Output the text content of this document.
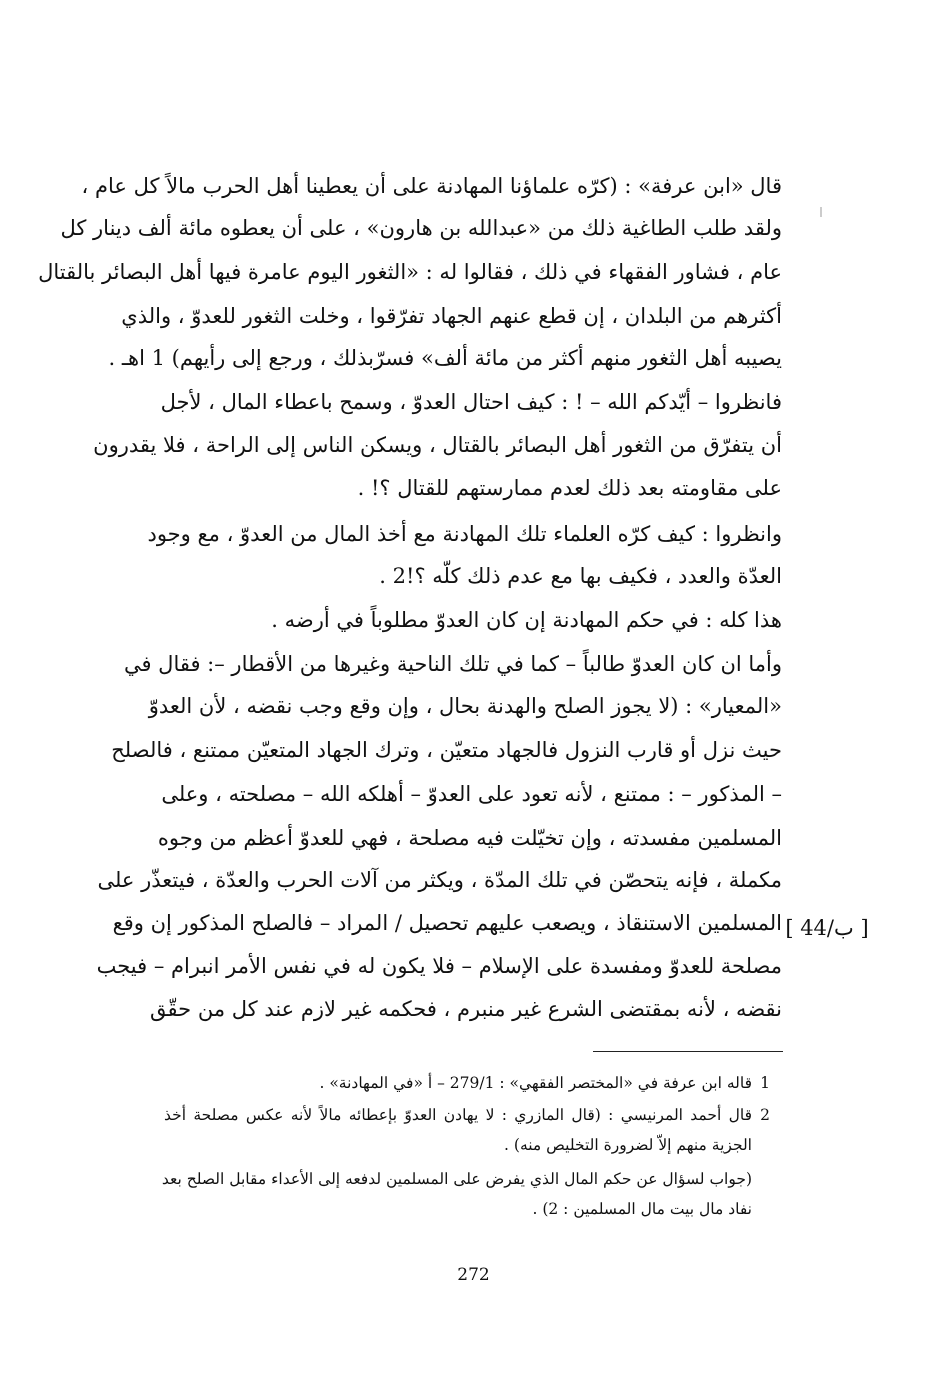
قال «ابن عرفة» : (كرّه علماؤنا المهادنة على أن يعطينا أهل الحرب مالاً كل عام ،
ولقد طلب الطاغية ذلك من «عبدالله بن هارون» ، على أن يعطوه مائة ألف دينار كل
عام ، فشاور الفقهاء في ذلك ، فقالوا له : «الثغور اليوم عامرة فيها أهل البصائر بالقتال
أكثرهم من البلدان ، إن قطع عنهم الجهاد تفرّقوا ، وخلت الثغور للعدوّ ، والذي
يصيبه أهل الثغور منهم أكثر من مائة ألف» فسرّبذلك ، ورجع إلى رأيهم) 1 اهـ .
فانظروا – أيّدكم الله – ! : كيف احتال العدوّ ، وسمح باعطاء المال ، لأجل
أن يتفرّق من الثغور أهل البصائر بالقتال ، ويسكن الناس إلى الراحة ، فلا يقدرون
على مقاومته بعد ذلك لعدم ممارستهم للقتال ؟! .
وانظروا : كيف كرّه العلماء تلك المهادنة مع أخذ المال من العدوّ ، مع وجود
العدّة والعدد ، فكيف بها مع عدم ذلك كلّه ؟!2 .
هذا كله : في حكم المهادنة إن كان العدوّ مطلوباً في أرضه .
وأما ان كان العدوّ طالباً – كما في تلك الناحية وغيرها من الأقطار –: فقال في
«المعيار» : (لا يجوز الصلح والهدنة بحال ، وإن وقع وجب نقضه ، لأن العدوّ
حيث نزل أو قارب النزول فالجهاد متعيّن ، وترك الجهاد المتعيّن ممتنع ، فالصلح
– المذكور – : ممتنع ، لأنه تعود على العدوّ – أهلكه الله – مصلحته ، وعلى
المسلمين مفسدته ، وإن تخيّلت فيه مصلحة ، فهي للعدوّ أعظم من وجوه
مكملة ، فإنه يتحصّن في تلك المدّة ، ويكثر من آلات الحرب والعدّة ، فيتعذّر على
المسلمين الاستنقاذ ، ويصعب عليهم تحصيل / المراد – فالصلح المذكور إن وقع
مصلحة للعدوّ ومفسدة على الإسلام – فلا يكون له في نفس الأمر انبرام – فيجب
نقضه ، لأنه بمقتضى الشرع غير منبرم ، فحكمه غير لازم عند كل من حقّق
[ 44/ب ]
1
قاله ابن عرفة في «المختصر الفقهي» : 279/1 – أ «في المهادنة» .
2
قال أحمد المرنيسي : (قال المازري : لا يهادن العدوّ بإعطائه مالاً لأنه عكس مصلحة أخذ
الجزية منهم إلاّ لضرورة التخليص منه) .
(جواب لسؤال عن حكم المال الذي يفرض على المسلمين لدفعه إلى الأعداء مقابل الصلح بعد
نفاد مال بيت مال المسلمين : 2) .
272
